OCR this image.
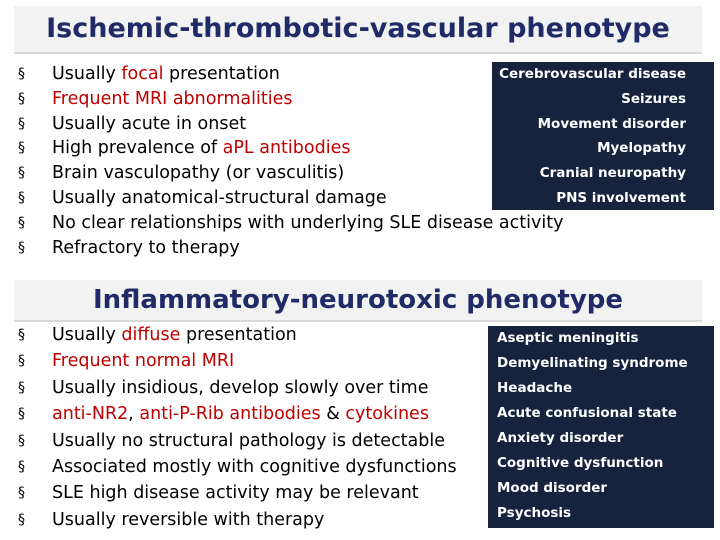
Ischemic-thrombotic-vascular phenotype
§ Usually focal presentation
§ Frequent MRI abnormalities
§ Usually acute in onset
§ High prevalence of aPL antibodies
§ Brain vasculopathy (or vasculitis)
§ Usually anatomical-structural damage
§ No clear relationships with underlying SLE disease activity
§ Refractory to therapy
Cerebrovascular disease
Seizures
Movement disorder
Myelopathy
Cranial neuropathy
PNS involvement
Inflammatory-neurotoxic phenotype
§ Usually diffuse presentation
§ Frequent normal MRI
§ Usually insidious, develop slowly over time
§ anti-NR2, anti-P-Rib antibodies & cytokines
§ Usually no structural pathology is detectable
§ Associated mostly with cognitive dysfunctions
§ SLE high disease activity may be relevant
§ Usually reversible with therapy
Aseptic meningitis
Demyelinating syndrome
Headache
Acute confusional state
Anxiety disorder
Cognitive dysfunction
Mood disorder
Psychosis
